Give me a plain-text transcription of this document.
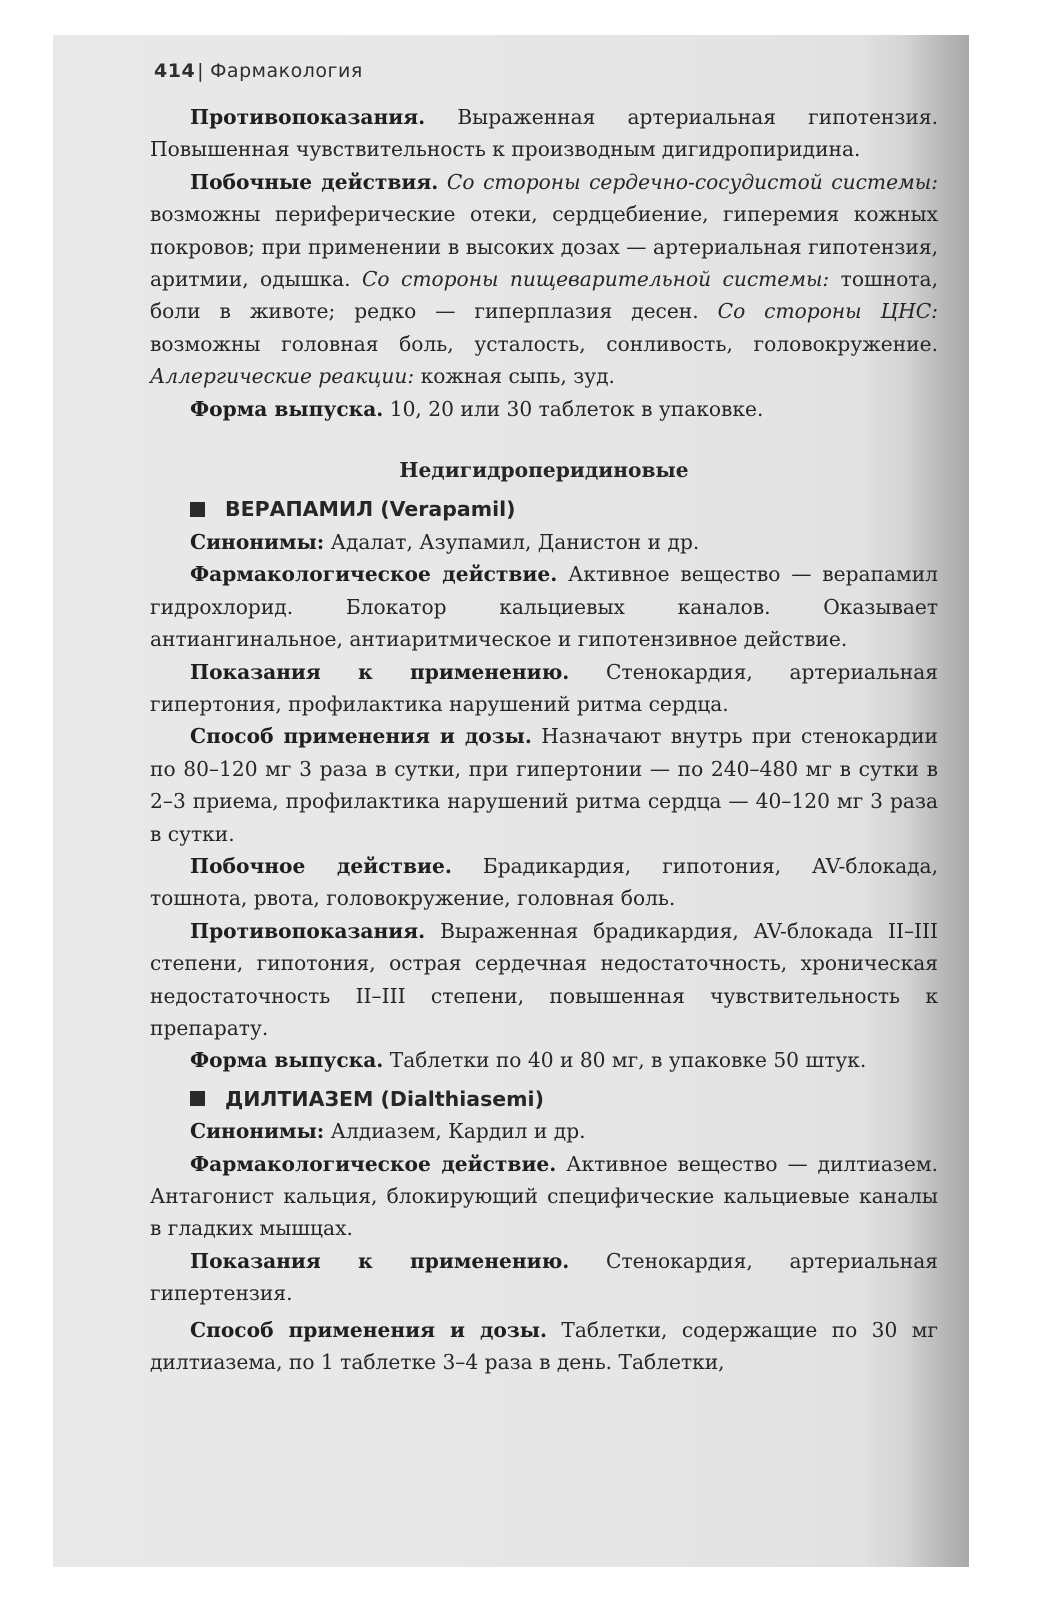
414 | Фармакология

Противопоказания. Выраженная артериальная гипотензия. Повышенная чувствительность к производным дигидропиридина.

Побочные действия. Со стороны сердечно-сосудистой системы: возможны периферические отеки, сердцебиение, гиперемия кожных покровов; при применении в высоких дозах — артериальная гипотензия, аритмии, одышка. Со стороны пищеварительной системы: тошнота, боли в животе; редко — гиперплазия десен. Со стороны ЦНС: возможны головная боль, усталость, сонливость, головокружение. Аллергические реакции: кожная сыпь, зуд.

Форма выпуска. 10, 20 или 30 таблеток в упаковке.

Недигидроперидиновые
ВЕРАПАМИЛ (Verapamil)

Синонимы: Адалат, Азупамил, Данистон и др.

Фармакологическое действие. Активное вещество — верапамил гидрохлорид. Блокатор кальциевых каналов. Оказывает антиангинальное, антиаритмическое и гипотензивное действие.

Показания к применению. Стенокардия, артериальная гипертония, профилактика нарушений ритма сердца.

Способ применения и дозы. Назначают внутрь при стенокардии по 80–120 мг 3 раза в сутки, при гипертонии — по 240–480 мг в сутки в 2–3 приема, профилактика нарушений ритма сердца — 40–120 мг 3 раза в сутки.

Побочное действие. Брадикардия, гипотония, AV-блокада, тошнота, рвота, головокружение, головная боль.

Противопоказания. Выраженная брадикардия, AV-блокада II–III степени, гипотония, острая сердечная недостаточность, хроническая недостаточность II–III степени, повышенная чувствительность к препарату.

Форма выпуска. Таблетки по 40 и 80 мг, в упаковке 50 штук.

ДИЛТИАЗЕМ (Dialthiasemi)

Синонимы: Алдиазем, Кардил и др.

Фармакологическое действие. Активное вещество — дилтиазем. Антагонист кальция, блокирующий специфические кальциевые каналы в гладких мышцах.

Показания к применению. Стенокардия, артериальная гипертензия.

Способ применения и дозы. Таблетки, содержащие по 30 мг дилтиазема, по 1 таблетке 3–4 раза в день. Таблетки,
